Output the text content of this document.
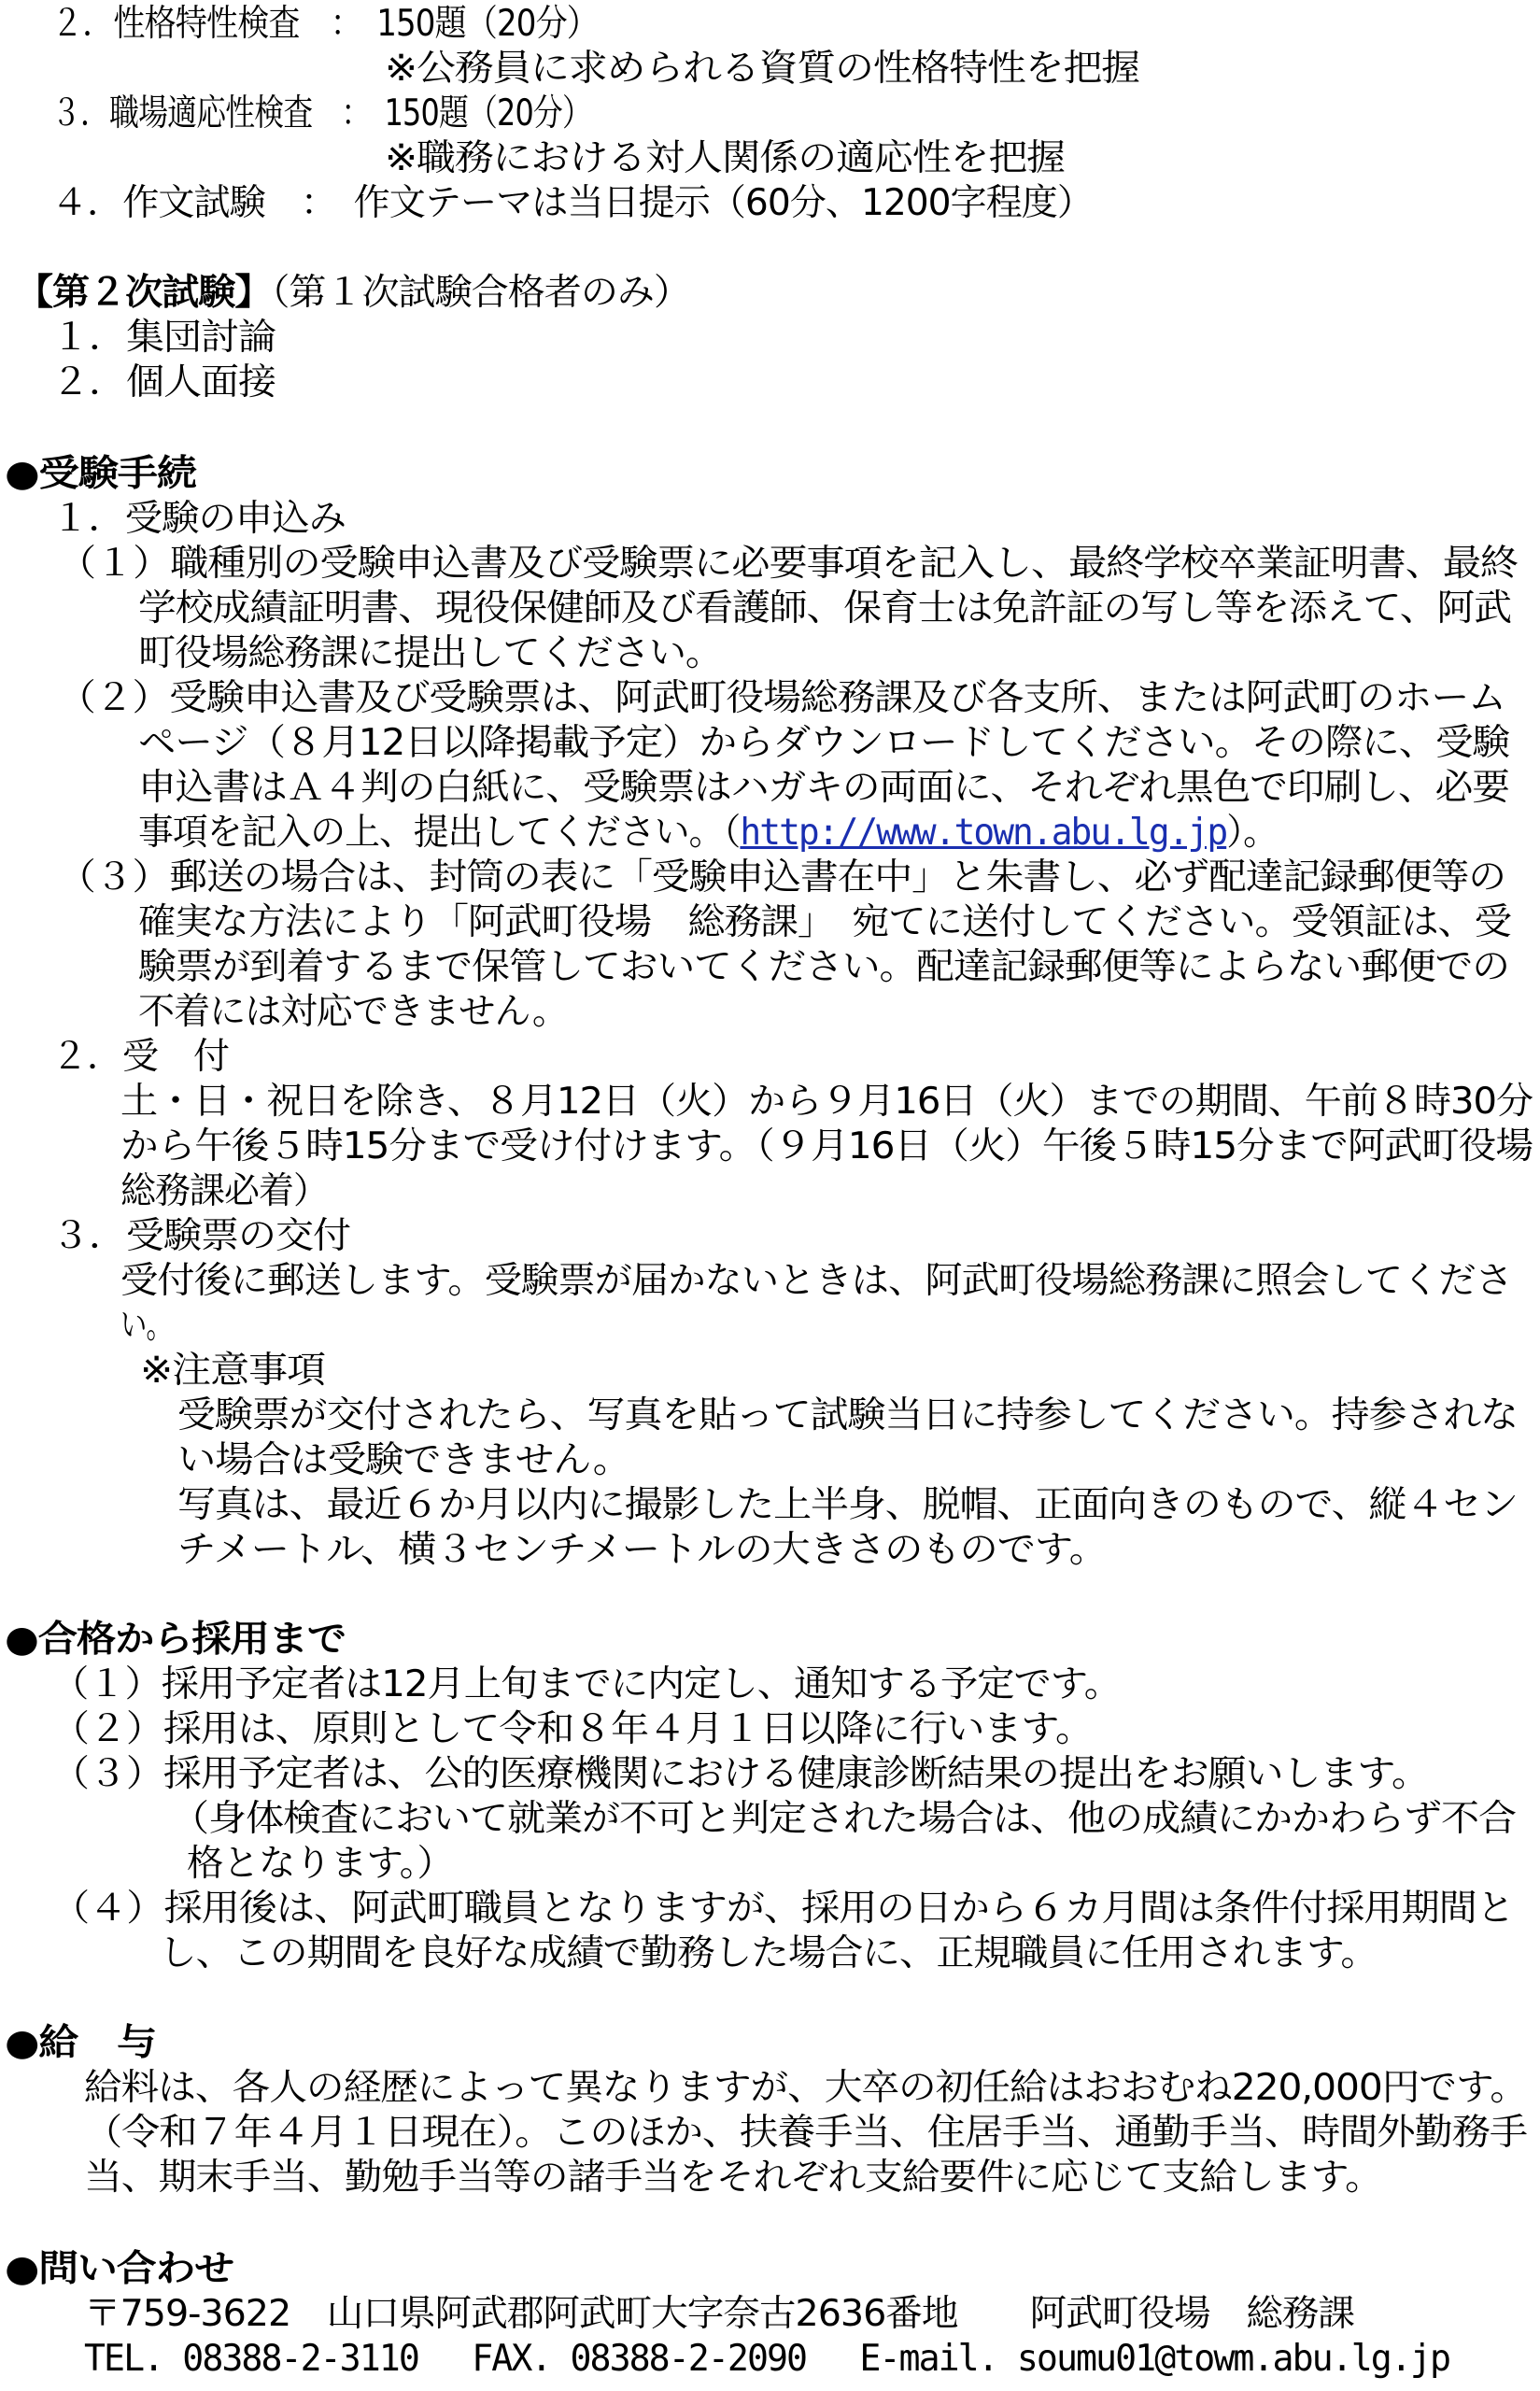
２．性格特性検査　 ：　 150題（20分）
※公務員に求められる資質の性格特性を把握
３．職場適応性検査　 ：　 150題（20分）
※職務における対人関係の適応性を把握
４．作文試験　 ：　 作文テーマは当日提示（60分、1200字程度）
【第２次試験】（第１次試験合格者のみ）
１．集団討論
２．個人面接
●受験手続
１．受験の申込み
（１）職種別の受験申込書及び受験票に必要事項を記入し、最終学校卒業証明書、最終
学校成績証明書、現役保健師及び看護師、保育士は免許証の写し等を添えて、阿武
町役場総務課に提出してください。
（２）受験申込書及び受験票は、阿武町役場総務課及び各支所、または阿武町のホーム
ページ（８月12日以降掲載予定）からダウンロードしてください。その際に、受験
申込書はＡ４判の白紙に、受験票はハガキの両面に、それぞれ黒色で印刷し、必要
事項を記入の上、提出してください。（http://www.town.abu.lg.jp）。
（３）郵送の場合は、封筒の表に「受験申込書在中」と朱書し、必ず配達記録郵便等の
確実な方法により「阿武町役場　総務課」　宛てに送付してください。受領証は、受
験票が到着するまで保管しておいてください。配達記録郵便等によらない郵便での
不着には対応できません。
２．受　付
土・日・祝日を除き、８月12日（火）から９月16日（火）までの期間、午前８時30分
から午後５時15分まで受け付けます。（９月16日（火）午後５時15分まで阿武町役場
総務課必着）
３．受験票の交付
受付後に郵送します。受験票が届かないときは、阿武町役場総務課に照会してくださ
い。
※注意事項
受験票が交付されたら、写真を貼って試験当日に持参してください。持参されな
い場合は受験できません。
写真は、最近６か月以内に撮影した上半身、脱帽、正面向きのもので、縦４セン
チメートル、横３センチメートルの大きさのものです。
●合格から採用まで
（１）採用予定者は12月上旬までに内定し、通知する予定です。
（２）採用は、原則として令和８年４月１日以降に行います。
（３）採用予定者は、公的医療機関における健康診断結果の提出をお願いします。
（身体検査において就業が不可と判定された場合は、他の成績にかかわらず不合
格となります。）
（４）採用後は、阿武町職員となりますが、採用の日から６カ月間は条件付採用期間と
し、この期間を良好な成績で勤務した場合に、正規職員に任用されます。
●給　与
給料は、各人の経歴によって異なりますが、大卒の初任給はおおむね220,000円です。
（令和７年４月１日現在）。このほか、扶養手当、住居手当、通勤手当、時間外勤務手
当、期末手当、勤勉手当等の諸手当をそれぞれ支給要件に応じて支給します。
●問い合わせ
〒759-3622　山口県阿武郡阿武町大字奈古2636番地　　阿武町役場　総務課
TEL. 08388-2-3110　 FAX. 08388-2-2090　 E-mail. soumu01@towm.abu.lg.jp
